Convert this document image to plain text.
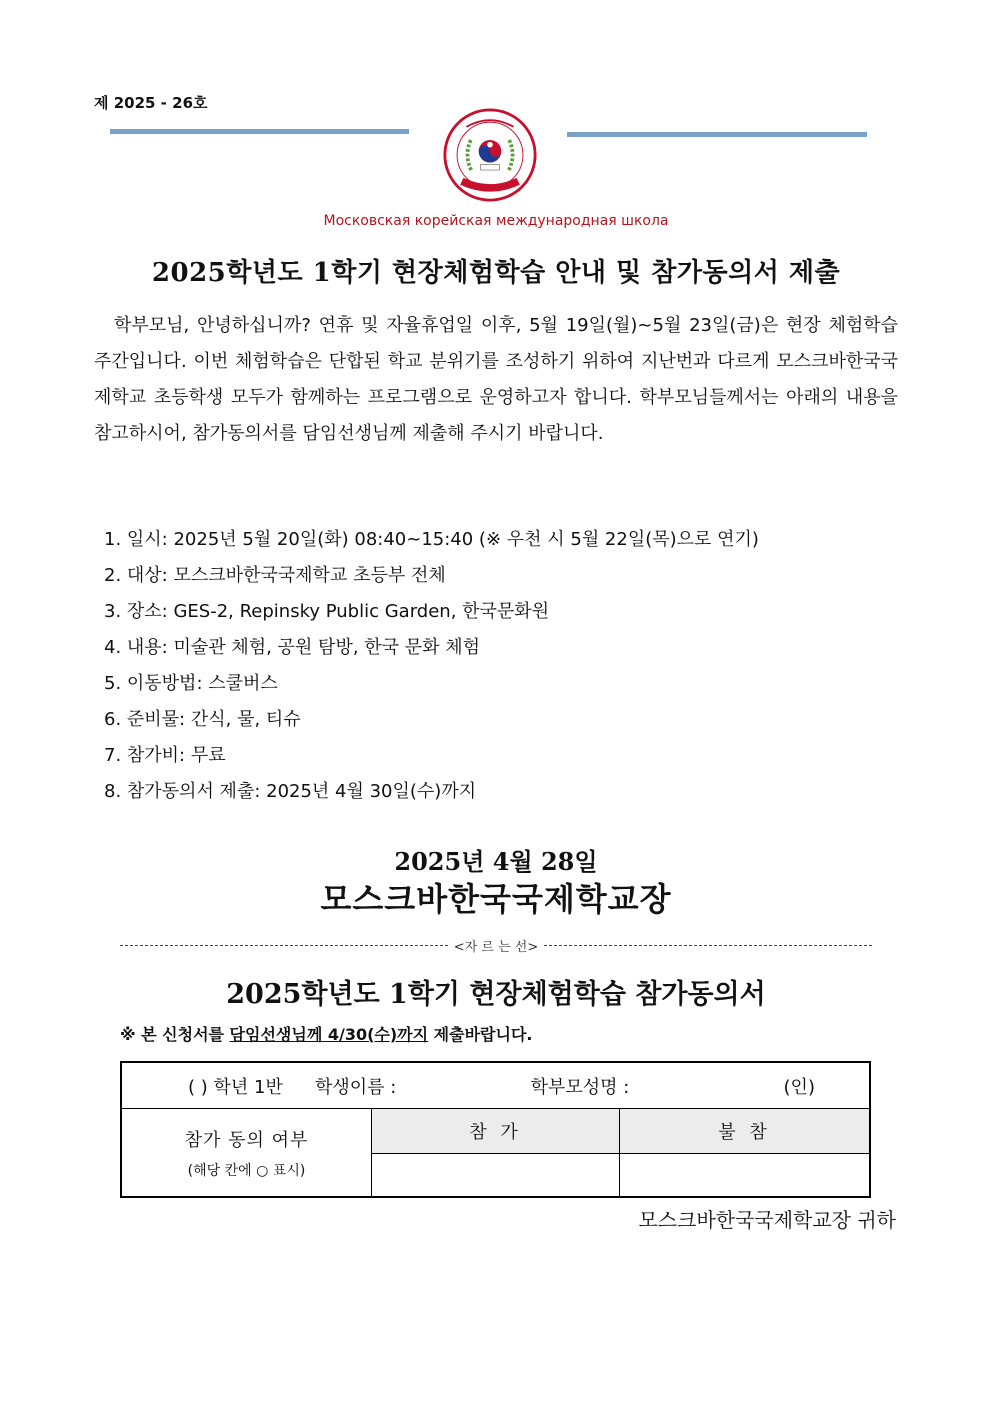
제 2025 - 26호
Московская корейская международная школа
2025학년도 1학기 현장체험학습 안내 및 참가동의서 제출
학부모님, 안녕하십니까? 연휴 및 자율휴업일 이후, 5월 19일(월)~5월 23일(금)은 현장 체험학습 주간입니다. 이번 체험학습은 단합된 학교 분위기를 조성하기 위하여 지난번과 다르게 모스크바한국국제학교 초등학생 모두가 함께하는 프로그램으로 운영하고자 합니다. 학부모님들께서는 아래의 내용을 참고하시어, 참가동의서를 담임선생님께 제출해 주시기 바랍니다.
1. 일시: 2025년 5월 20일(화) 08:40~15:40 (※ 우천 시 5월 22일(목)으로 연기)
2. 대상: 모스크바한국국제학교 초등부 전체
3. 장소: GES-2, Repinsky Public Garden, 한국문화원
4. 내용: 미술관 체험, 공원 탐방, 한국 문화 체험
5. 이동방법: 스쿨버스
6. 준비물: 간식, 물, 티슈
7. 참가비: 무료
8. 참가동의서 제출: 2025년 4월 30일(수)까지
2025년 4월 28일
모스크바한국국제학교장
<자 르 는 선>
2025학년도 1학기 현장체험학습 참가동의서
※ 본 신청서를 담임선생님께 4/30(수)까지 제출바랍니다.
( ) 학년 1반 학생이름 : 학부모성명 : (인)		

참가 동의 여부
(해당 칸에 ○ 표시)	참 가	불 참

모스크바한국국제학교장 귀하
